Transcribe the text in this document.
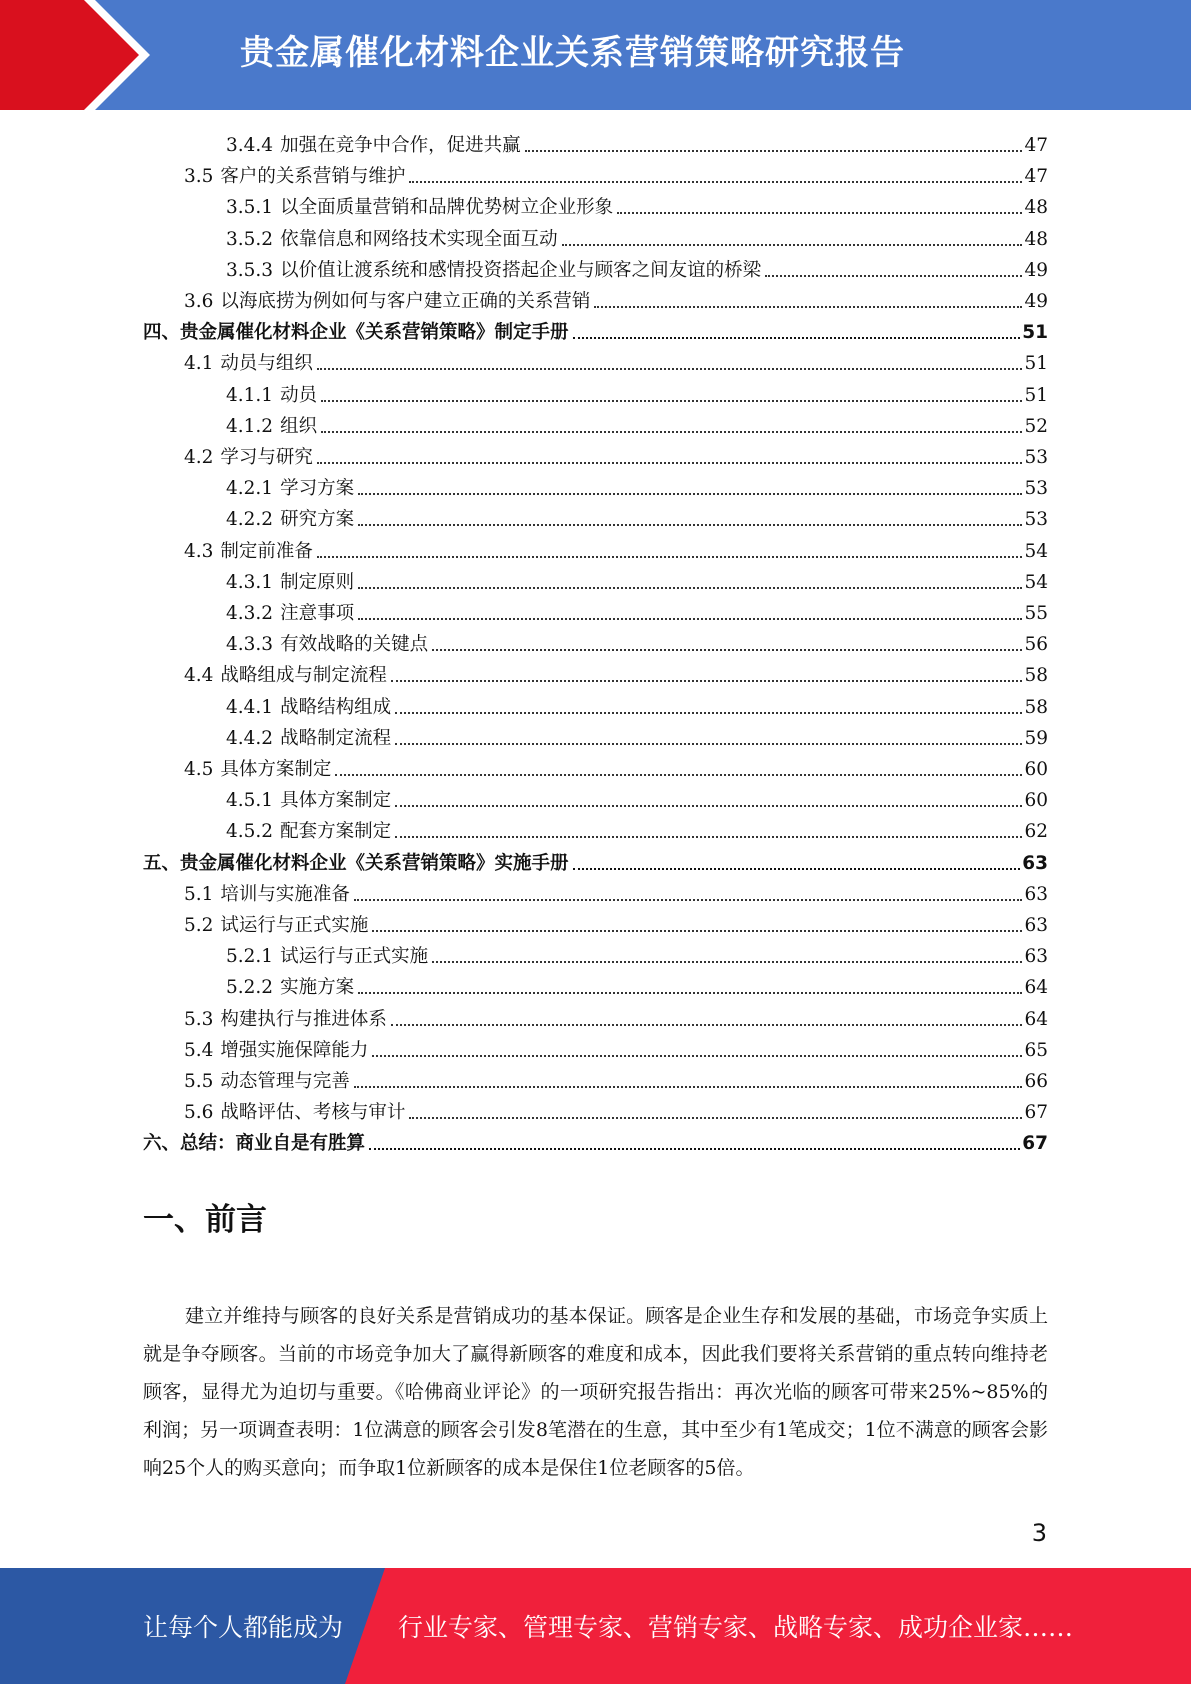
贵金属催化材料企业关系营销策略研究报告
3.4.4 加强在竞争中合作，促进共赢	47
3.5 客户的关系营销与维护	47
3.5.1 以全面质量营销和品牌优势树立企业形象	48
3.5.2 依靠信息和网络技术实现全面互动	48
3.5.3 以价值让渡系统和感情投资搭起企业与顾客之间友谊的桥梁	49
3.6 以海底捞为例如何与客户建立正确的关系营销	49
四、贵金属催化材料企业《关系营销策略》制定手册	51
4.1 动员与组织	51
4.1.1 动员	51
4.1.2 组织	52
4.2 学习与研究	53
4.2.1 学习方案	53
4.2.2 研究方案	53
4.3 制定前准备	54
4.3.1 制定原则	54
4.3.2 注意事项	55
4.3.3 有效战略的关键点	56
4.4 战略组成与制定流程	58
4.4.1 战略结构组成	58
4.4.2 战略制定流程	59
4.5 具体方案制定	60
4.5.1 具体方案制定	60
4.5.2 配套方案制定	62
五、贵金属催化材料企业《关系营销策略》实施手册	63
5.1 培训与实施准备	63
5.2 试运行与正式实施	63
5.2.1 试运行与正式实施	63
5.2.2 实施方案	64
5.3 构建执行与推进体系	64
5.4 增强实施保障能力	65
5.5 动态管理与完善	66
5.6 战略评估、考核与审计	67
六、总结：商业自是有胜算	67
一、前言

建立并维持与顾客的良好关系是营销成功的基本保证。顾客是企业生存和发展的基础，市场竞争实质上就是争夺顾客。当前的市场竞争加大了赢得新顾客的难度和成本，因此我们要将关系营销的重点转向维持老顾客，显得尤为迫切与重要。《哈佛商业评论》的一项研究报告指出：再次光临的顾客可带来25%~85%的利润；另一项调查表明：1位满意的顾客会引发8笔潜在的生意，其中至少有1笔成交；1位不满意的顾客会影响25个人的购买意向；而争取1位新顾客的成本是保住1位老顾客的5倍。

3
让每个人都能成为 行业专家、管理专家、营销专家、战略专家、成功企业家……
